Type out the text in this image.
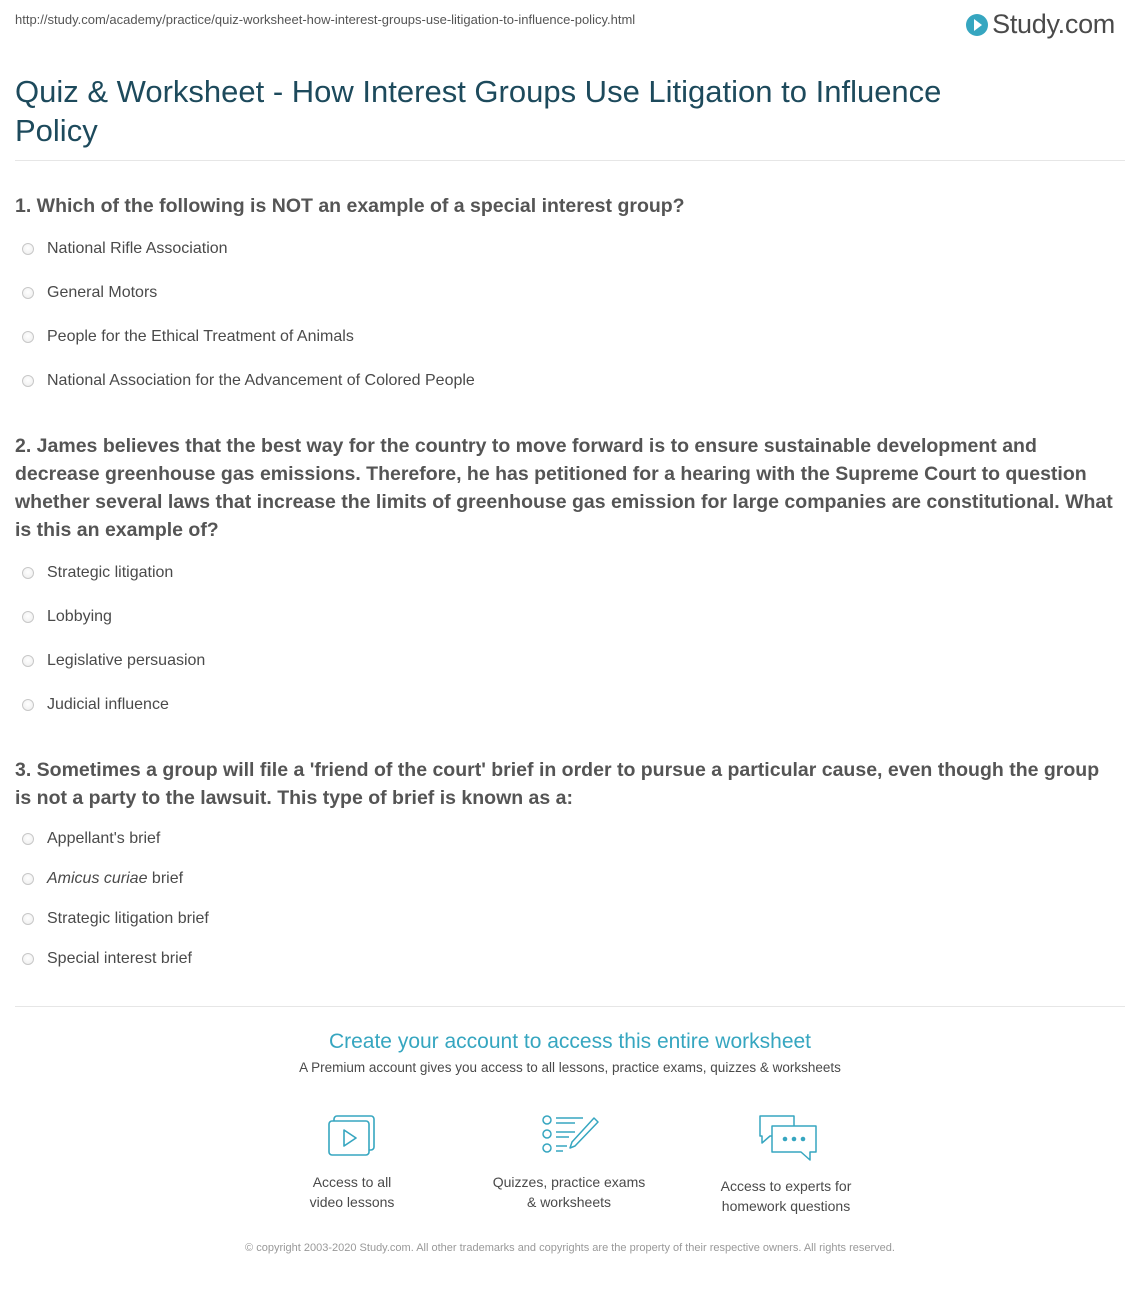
http://study.com/academy/practice/quiz-worksheet-how-interest-groups-use-litigation-to-influence-policy.html	Study.com
Quiz & Worksheet - How Interest Groups Use Litigation to Influence Policy
1. Which of the following is NOT an example of a special interest group?
National Rifle Association
General Motors
People for the Ethical Treatment of Animals
National Association for the Advancement of Colored People
2. James believes that the best way for the country to move forward is to ensure sustainable development and decrease greenhouse gas emissions. Therefore, he has petitioned for a hearing with the Supreme Court to question whether several laws that increase the limits of greenhouse gas emission for large companies are constitutional. What is this an example of?
Strategic litigation
Lobbying
Legislative persuasion
Judicial influence
3. Sometimes a group will file a 'friend of the court' brief in order to pursue a particular cause, even though the group is not a party to the lawsuit. This type of brief is known as a:
Appellant's brief
Amicus curiae brief
Strategic litigation brief
Special interest brief
Create your account to access this entire worksheet
A Premium account gives you access to all lessons, practice exams, quizzes & worksheets
Access to all
video lessons
Quizzes, practice exams
& worksheets
Access to experts for
homework questions
© copyright 2003-2020 Study.com. All other trademarks and copyrights are the property of their respective owners. All rights reserved.
